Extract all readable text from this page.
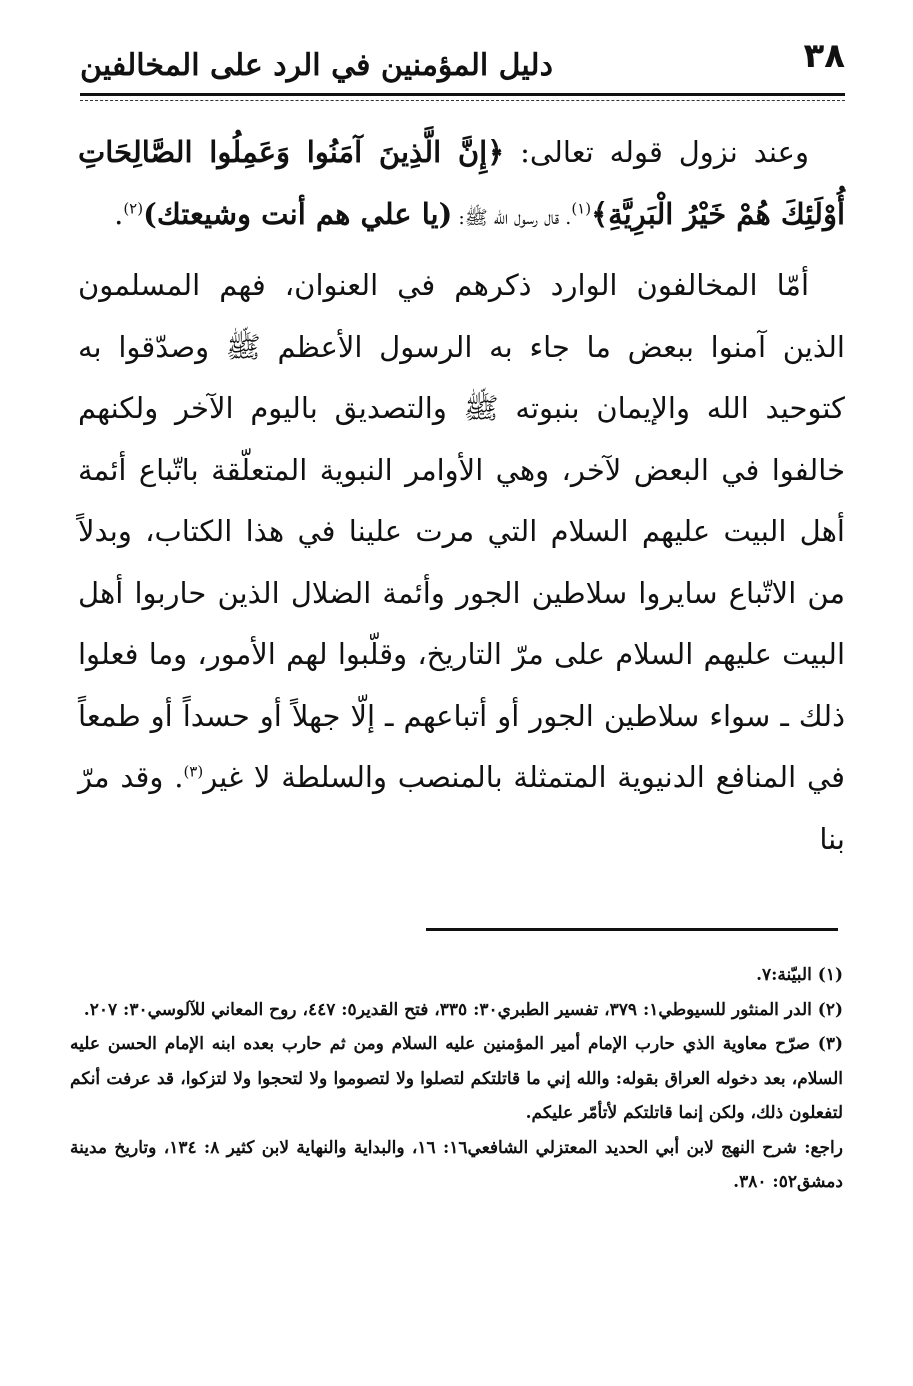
٣٨
دليل المؤمنين في الرد على المخالفين

وعند نزول قوله تعالى: ﴿إِنَّ الَّذِينَ آمَنُوا وَعَمِلُوا الصَّالِحَاتِ أُوْلَئِكَ هُمْ خَيْرُ الْبَرِيَّةِ﴾$^{(١)}$. قال رسول الله ﷺ: (يا علي هم أنت وشيعتك)$^{(٢)}$.

أمّا المخالفون الوارد ذكرهم في العنوان، فهم المسلمون الذين آمنوا ببعض ما جاء به الرسول الأعظم ﷺ وصدّقوا به كتوحيد الله والإيمان بنبوته ﷺ والتصديق باليوم الآخر ولكنهم خالفوا في البعض لآخر، وهي الأوامر النبوية المتعلّقة باتّباع أئمة أهل البيت عليهم السلام التي مرت علينا في هذا الكتاب، وبدلاً من الاتّباع سايروا سلاطين الجور وأئمة الضلال الذين حاربوا أهل البيت عليهم السلام على مرّ التاريخ، وقلّبوا لهم الأمور، وما فعلوا ذلك ـ سواء سلاطين الجور أو أتباعهم ـ إلّا جهلاً أو حسداً أو طمعاً في المنافع الدنيوية المتمثلة بالمنصب والسلطة لا غير$^{(٣)}$. وقد مرّ بنا

(١) البيّنة:٧.

(٢) الدر المنثور للسيوطي١: ٣٧٩، تفسير الطبري٣٠: ٣٣٥، فتح القدير٥: ٤٤٧، روح المعاني للآلوسي٣٠: ٢٠٧.

(٣) صرّح معاوية الذي حارب الإمام أمير المؤمنين عليه السلام ومن ثم حارب بعده ابنه الإمام الحسن عليه السلام، بعد دخوله العراق بقوله: والله إني ما قاتلتكم لتصلوا ولا لتصوموا ولا لتحجوا ولا لتزكوا، قد عرفت أنكم لتفعلون ذلك، ولكن إنما قاتلتكم لأتأمّر عليكم.

راجع: شرح النهج لابن أبي الحديد المعتزلي الشافعي١٦: ١٦، والبداية والنهاية لابن كثير ٨: ١٣٤، وتاريخ مدينة دمشق٥٢: ٣٨٠.
